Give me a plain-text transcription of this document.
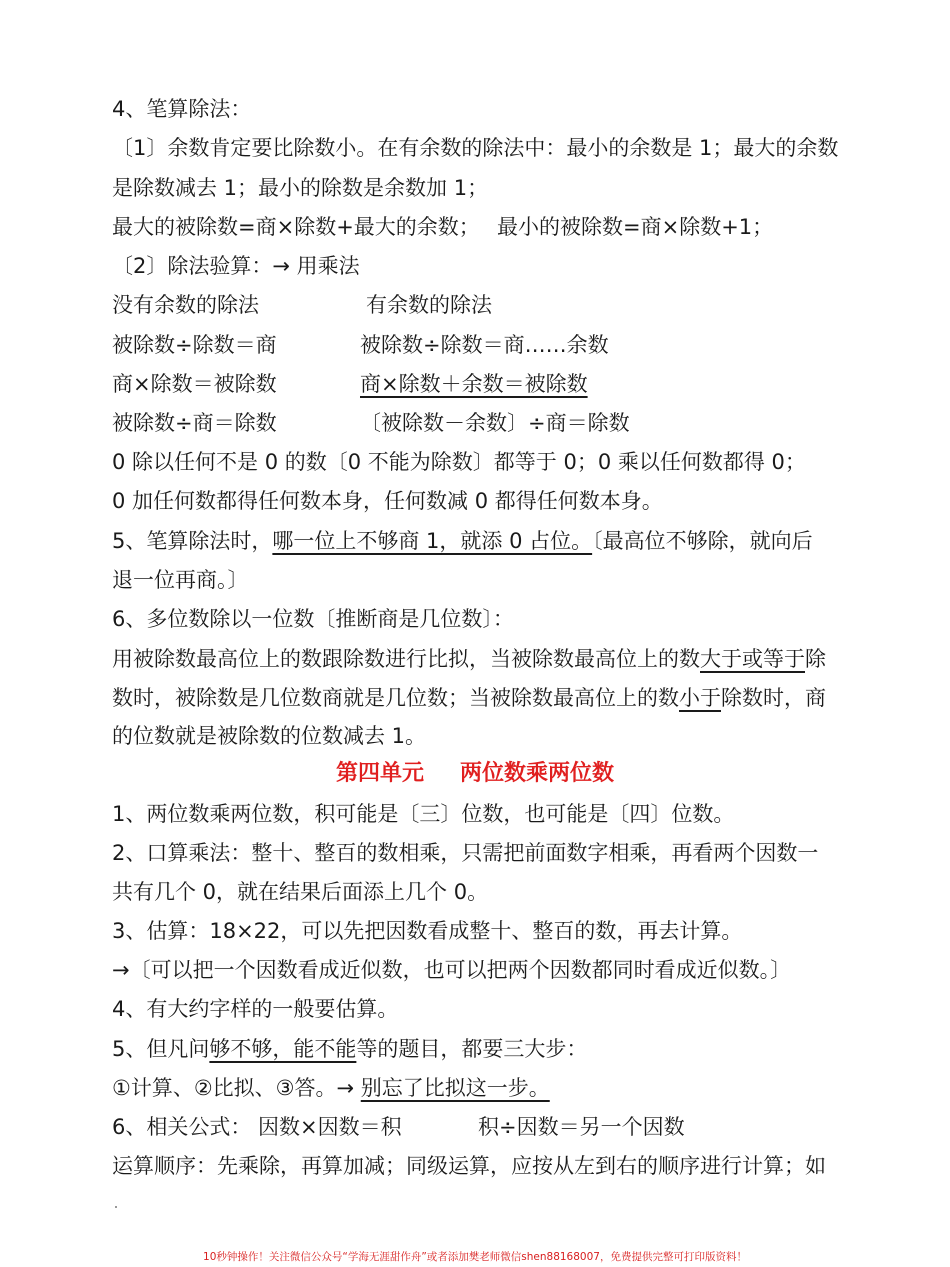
4、笔算除法：
〔1〕余数肯定要比除数小。在有余数的除法中：最小的余数是 1；最大的余数
是除数减去 1；最小的除数是余数加 1；
最大的被除数=商×除数+最大的余数； 最小的被除数=商×除数+1；
〔2〕除法验算：→ 用乘法
没有余数的除法	有余数的除法
被除数÷除数＝商	被除数÷除数＝商……余数
商×除数＝被除数	商×除数＋余数＝被除数
被除数÷商＝除数	〔被除数－余数〕÷商＝除数
0 除以任何不是 0 的数〔0 不能为除数〕都等于 0；0 乘以任何数都得 0；
0 加任何数都得任何数本身，任何数减 0 都得任何数本身。
5、笔算除法时，哪一位上不够商 1，就添 0 占位。〔最高位不够除，就向后
退一位再商。〕
6、多位数除以一位数〔推断商是几位数〕：
用被除数最高位上的数跟除数进行比拟，当被除数最高位上的数大于或等于除
数时，被除数是几位数商就是几位数；当被除数最高位上的数小于除数时，商
的位数就是被除数的位数减去 1。
第四单元 两位数乘两位数
1、两位数乘两位数，积可能是〔三〕位数，也可能是〔四〕位数。
2、口算乘法：整十、整百的数相乘，只需把前面数字相乘，再看两个因数一
共有几个 0，就在结果后面添上几个 0。
3、估算：18×22，可以先把因数看成整十、整百的数，再去计算。
→〔可以把一个因数看成近似数，也可以把两个因数都同时看成近似数。〕
4、有大约字样的一般要估算。
5、但凡问够不够，能不能等的题目，都要三大步：
①计算、②比拟、③答。→ 别忘了比拟这一步。
6、相关公式： 因数×因数＝积	积÷因数＝另一个因数
运算顺序：先乘除，再算加减；同级运算，应按从左到右的顺序进行计算；如
10秒钟操作！关注微信公众号“学海无涯甜作舟”或者添加樊老师微信shen88168007，免费提供完整可打印版资料！
